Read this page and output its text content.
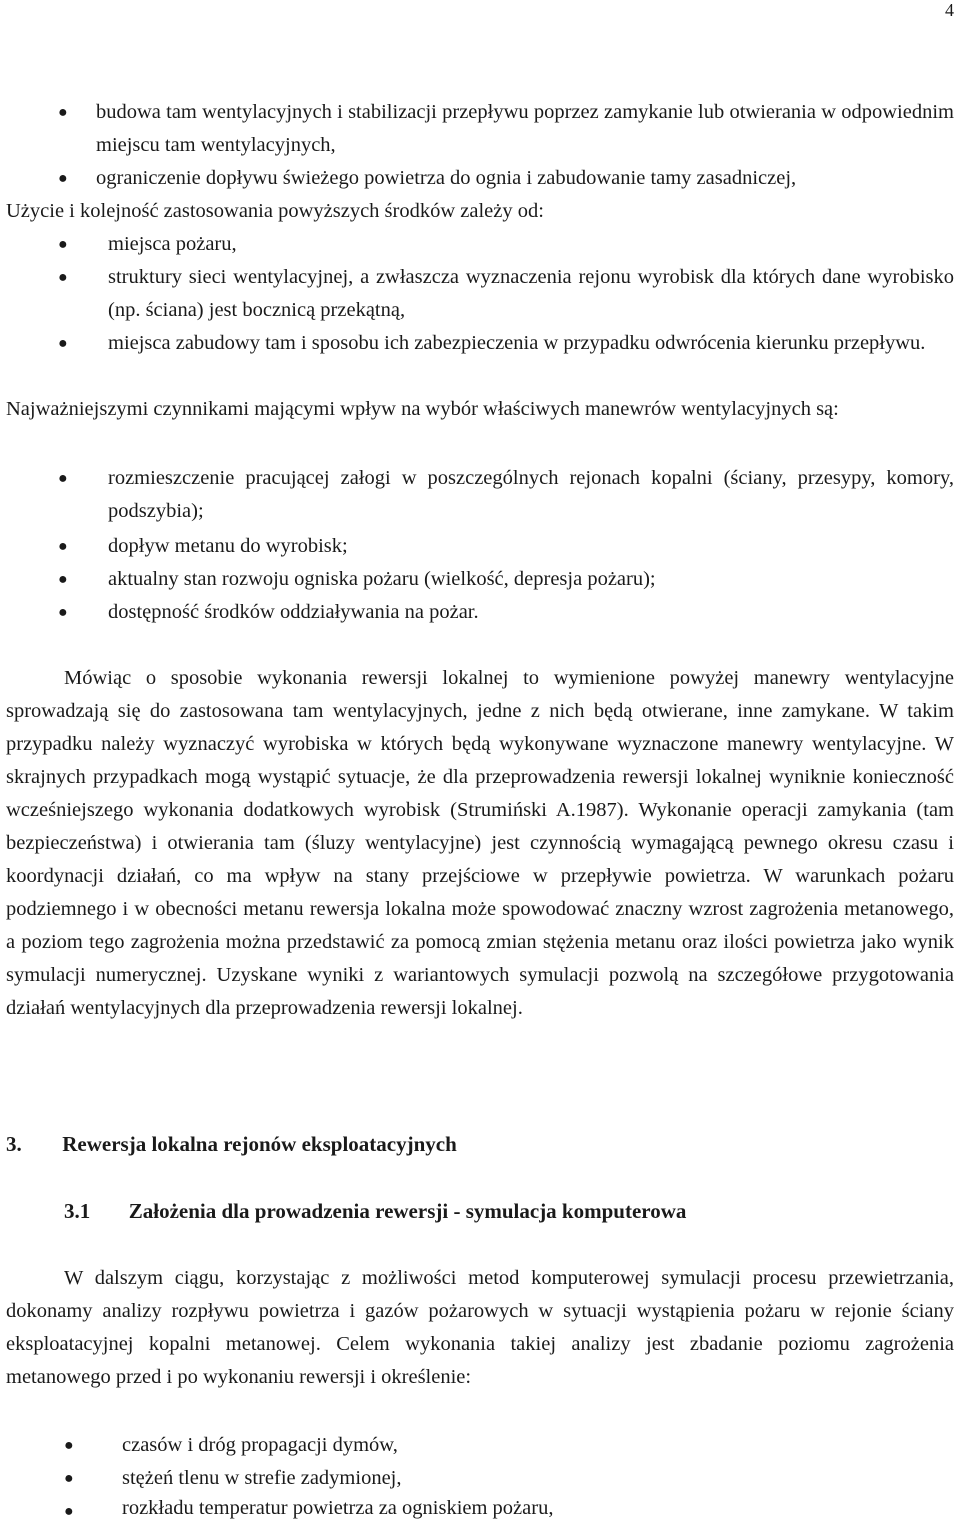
4
● budowa tam wentylacyjnych i stabilizacji przepływu poprzez zamykanie lub otwierania w odpowiednim miejscu tam wentylacyjnych,
● ograniczenie dopływu świeżego powietrza do ognia i zabudowanie tamy zasadniczej,
Użycie i kolejność zastosowania powyższych środków zależy od:
● miejsca pożaru,
● struktury sieci wentylacyjnej, a zwłaszcza wyznaczenia rejonu wyrobisk dla których dane wyrobisko (np. ściana) jest bocznicą przekątną,
● miejsca zabudowy tam i sposobu ich zabezpieczenia w przypadku odwrócenia kierunku przepływu.
Najważniejszymi czynnikami mającymi wpływ na wybór właściwych manewrów wentylacyjnych są:
● rozmieszczenie pracującej załogi w poszczególnych rejonach kopalni (ściany, przesypy, komory, podszybia);
● dopływ metanu do wyrobisk;
● aktualny stan rozwoju ogniska pożaru (wielkość, depresja pożaru);
● dostępność środków oddziaływania na pożar.
Mówiąc o sposobie wykonania rewersji lokalnej to wymienione powyżej manewry wentylacyjne sprowadzają się do zastosowana tam wentylacyjnych, jedne z nich będą otwierane, inne zamykane. W takim przypadku należy wyznaczyć wyrobiska w których będą wykonywane wyznaczone manewry wentylacyjne. W skrajnych przypadkach mogą wystąpić sytuacje, że dla przeprowadzenia rewersji lokalnej wyniknie konieczność wcześniejszego wykonania dodatkowych wyrobisk (Strumiński A.1987). Wykonanie operacji zamykania (tam bezpieczeństwa) i otwierania tam (śluzy wentylacyjne) jest czynnością wymagającą pewnego okresu czasu i koordynacji działań, co ma wpływ na stany przejściowe w przepływie powietrza. W warunkach pożaru podziemnego i w obecności metanu rewersja lokalna może spowodować znaczny wzrost zagrożenia metanowego, a poziom tego zagrożenia można przedstawić za pomocą zmian stężenia metanu oraz ilości powietrza jako wynik symulacji numerycznej. Uzyskane wyniki z wariantowych symulacji pozwolą na szczegółowe przygotowania działań wentylacyjnych dla przeprowadzenia rewersji lokalnej.
3. Rewersja lokalna rejonów eksploatacyjnych
3.1 Założenia dla prowadzenia rewersji - symulacja komputerowa
W dalszym ciągu, korzystając z możliwości metod komputerowej symulacji procesu przewietrzania, dokonamy analizy rozpływu powietrza i gazów pożarowych w sytuacji wystąpienia pożaru w rejonie ściany eksploatacyjnej kopalni metanowej. Celem wykonania takiej analizy jest zbadanie poziomu zagrożenia metanowego przed i po wykonaniu rewersji i określenie:
● czasów i dróg propagacji dymów,
● stężeń tlenu w strefie zadymionej,
● rozkładu temperatur powietrza za ogniskiem pożaru,
